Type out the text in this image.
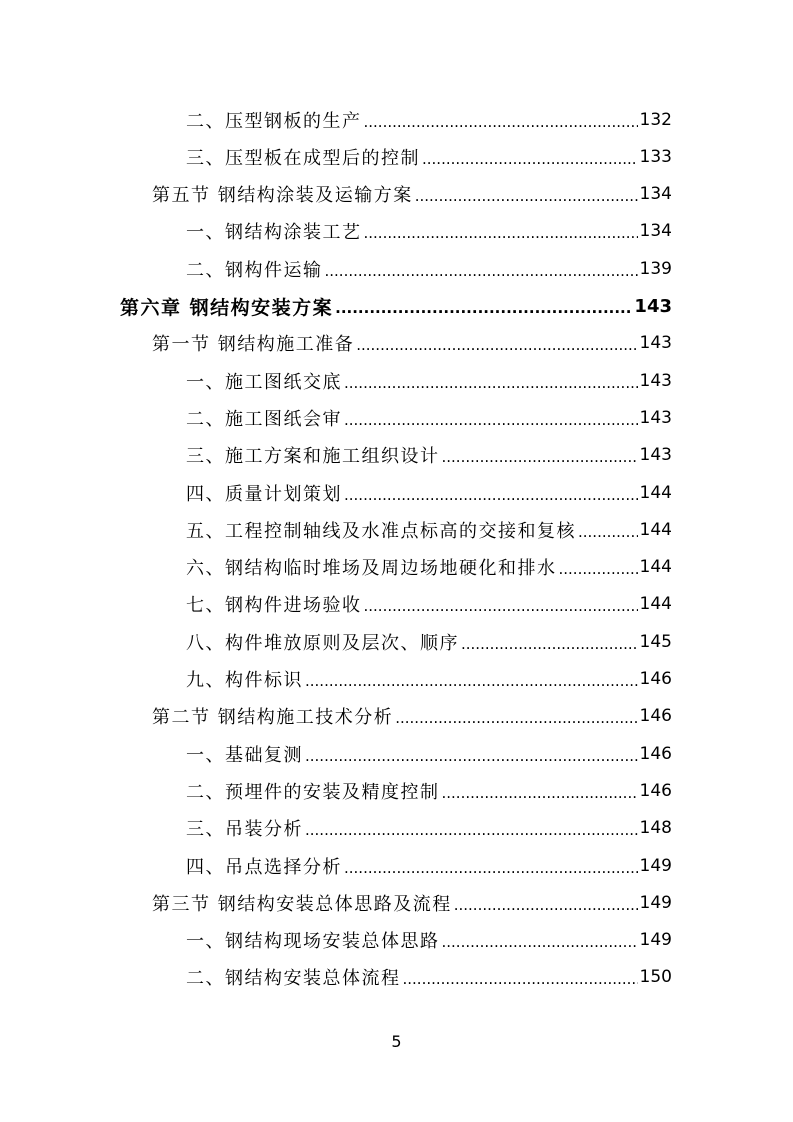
二、压型钢板的生产 .....	132
三、压型板在成型后的控制 .....	133
第五节 钢结构涂装及运输方案 .....	134
一、钢结构涂装工艺 .....	134
二、钢构件运输 .....	139
第六章 钢结构安装方案 .....	143
第一节 钢结构施工准备 .....	143
一、施工图纸交底 .....	143
二、施工图纸会审 .....	143
三、施工方案和施工组织设计 .....	143
四、质量计划策划 .....	144
五、工程控制轴线及水准点标高的交接和复核 .....	144
六、钢结构临时堆场及周边场地硬化和排水 .....	144
七、钢构件进场验收 .....	144
八、构件堆放原则及层次、顺序 .....	145
九、构件标识 .....	146
第二节 钢结构施工技术分析 .....	146
一、基础复测 .....	146
二、预埋件的安装及精度控制 .....	146
三、吊装分析 .....	148
四、吊点选择分析 .....	149
第三节 钢结构安装总体思路及流程 .....	149
一、钢结构现场安装总体思路 .....	149
二、钢结构安装总体流程 .....	150
5
